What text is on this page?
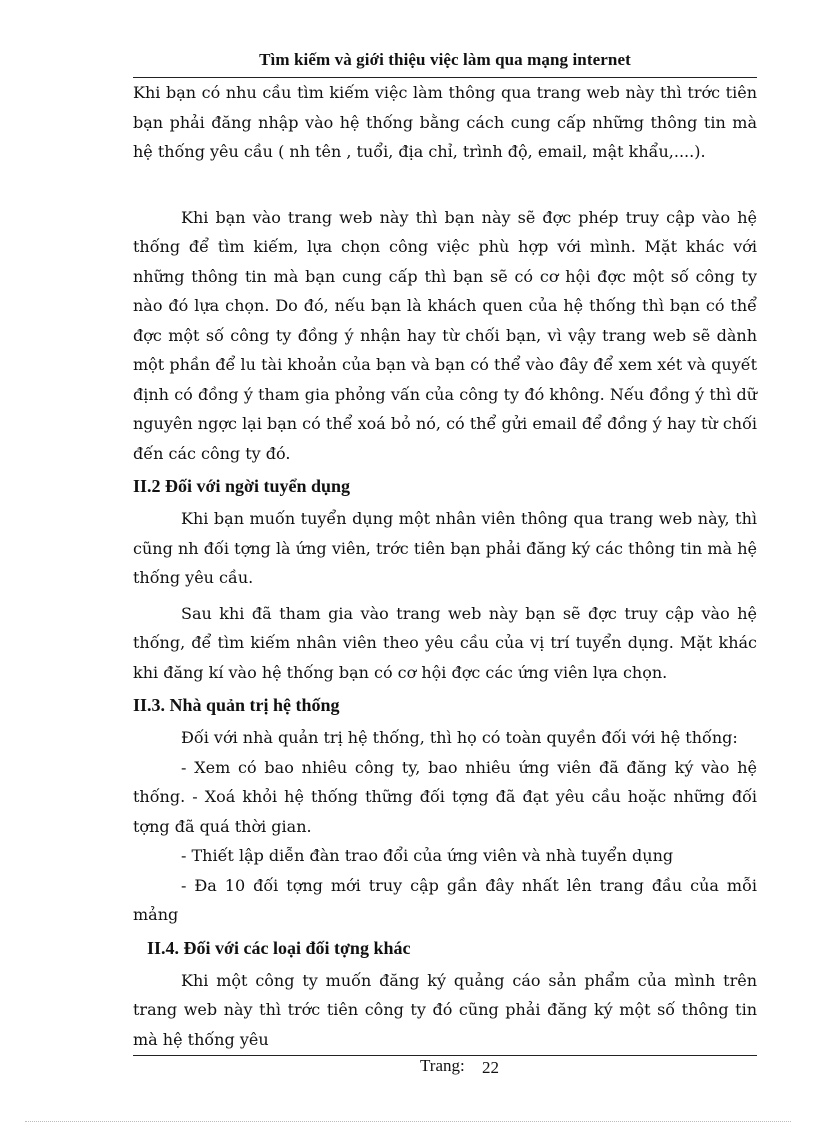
Tìm kiếm và giới thiệu việc làm qua mạng internet

Khi bạn có nhu cầu tìm kiếm việc làm thông qua trang web này thì trớc tiên bạn phải đăng nhập vào hệ thống bằng cách cung cấp những thông tin mà hệ thống yêu cầu ( nh tên , tuổi, địa chỉ, trình độ, email, mật khẩu,....).

Khi bạn vào trang web này thì bạn này sẽ đợc phép truy cập vào hệ thống để tìm kiếm, lựa chọn công việc phù hợp với mình. Mặt khác với những thông tin mà bạn cung cấp thì bạn sẽ có cơ hội đợc một số công ty nào đó lựa chọn. Do đó, nếu bạn là khách quen của hệ thống thì bạn có thể đợc một số công ty đồng ý nhận hay từ chối bạn, vì vậy trang web sẽ dành một phần để lu tài khoản của bạn và bạn có thể vào đây để xem xét và quyết định có đồng ý tham gia phỏng vấn của công ty đó không. Nếu đồng ý thì dữ nguyên ngợc lại bạn có thể xoá bỏ nó, có thể gửi email để đồng ý hay từ chối đến các công ty đó.

II.2 Đối với ngời tuyển dụng

Khi bạn muốn tuyển dụng một nhân viên thông qua trang web này, thì cũng nh đối tợng là ứng viên, trớc tiên bạn phải đăng ký các thông tin mà hệ thống yêu cầu.

Sau khi đã tham gia vào trang web này bạn sẽ đợc truy cập vào hệ thống, để tìm kiếm nhân viên theo yêu cầu của vị trí tuyển dụng. Mặt khác khi đăng kí vào hệ thống bạn có cơ hội đợc các ứng viên lựa chọn.

II.3. Nhà quản trị hệ thống

Đối với nhà quản trị hệ thống, thì họ có toàn quyền đối với hệ thống:

- Xem có bao nhiêu công ty, bao nhiêu ứng viên đã đăng ký vào hệ thống. - Xoá khỏi hệ thống thững đối tợng đã đạt yêu cầu hoặc những đối tợng đã quá thời gian.

- Thiết lập diễn đàn trao đổi của ứng viên và nhà tuyển dụng

- Đa 10 đối tợng mới truy cập gần đây nhất lên trang đầu của mỗi mảng

II.4. Đối với các loại đối tợng khác

Khi một công ty muốn đăng ký quảng cáo sản phẩm của mình trên trang web này thì trớc tiên công ty đó cũng phải đăng ký một số thông tin mà hệ thống yêu

Trang: 22
